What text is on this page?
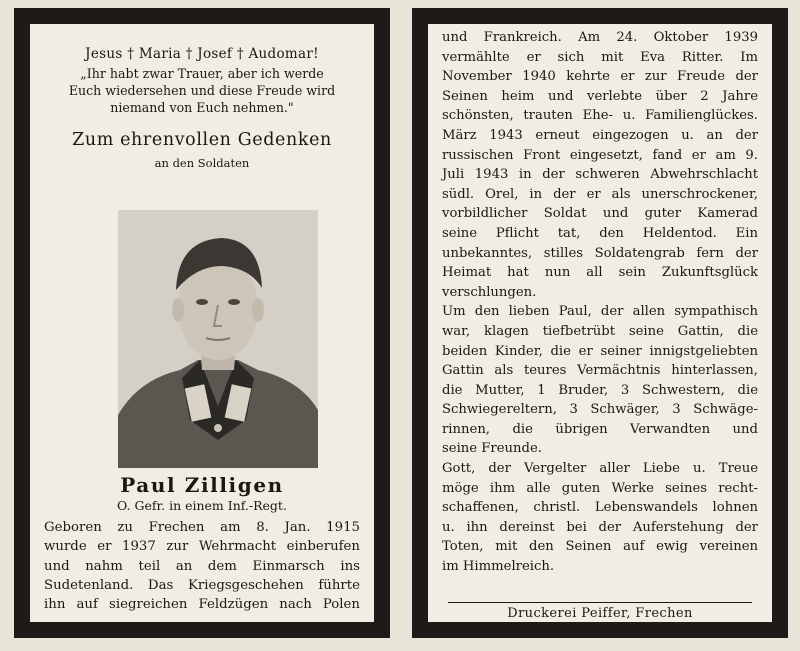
Jesus † Maria † Josef † Audomar!
„Ihr habt zwar Trauer, aber ich werde
Euch wiedersehen und diese Freude wird
niemand von Euch nehmen."
Zum ehrenvollen Gedenken
an den Soldaten
Paul Zilligen
O. Gefr. in einem Inf.-Regt.
Geboren zu Frechen am 8. Jan. 1915
wurde er 1937 zur Wehrmacht einberufen
und nahm teil an dem Einmarsch ins
Sudetenland. Das Kriegsgeschehen führte
ihn auf siegreichen Feldzügen nach Polen
und Frankreich. Am 24. Oktober 1939
vermählte er sich mit Eva Ritter. Im
November 1940 kehrte er zur Freude der
Seinen heim und verlebte über 2 Jahre
schönsten, trauten Ehe- u. Familienglückes.
März 1943 erneut eingezogen u. an der
russischen Front eingesetzt, fand er am 9.
Juli 1943 in der schweren Abwehrschlacht
südl. Orel, in der er als unerschrockener,
vorbildlicher Soldat und guter Kamerad
seine Pflicht tat, den Heldentod. Ein
unbekanntes, stilles Soldatengrab fern der
Heimat hat nun all sein Zukunftsglück
verschlungen.
Um den lieben Paul, der allen sympathisch
war, klagen tiefbetrübt seine Gattin, die
beiden Kinder, die er seiner innigstgeliebten
Gattin als teures Vermächtnis hinterlassen,
die Mutter, 1 Bruder, 3 Schwestern, die
Schwiegereltern, 3 Schwäger, 3 Schwäge-
rinnen, die übrigen Verwandten und
seine Freunde.
Gott, der Vergelter aller Liebe u. Treue
möge ihm alle guten Werke seines recht-
schaffenen, christl. Lebenswandels lohnen
u. ihn dereinst bei der Auferstehung der
Toten, mit den Seinen auf ewig vereinen
im Himmelreich.
Druckerei Peiffer, Frechen
